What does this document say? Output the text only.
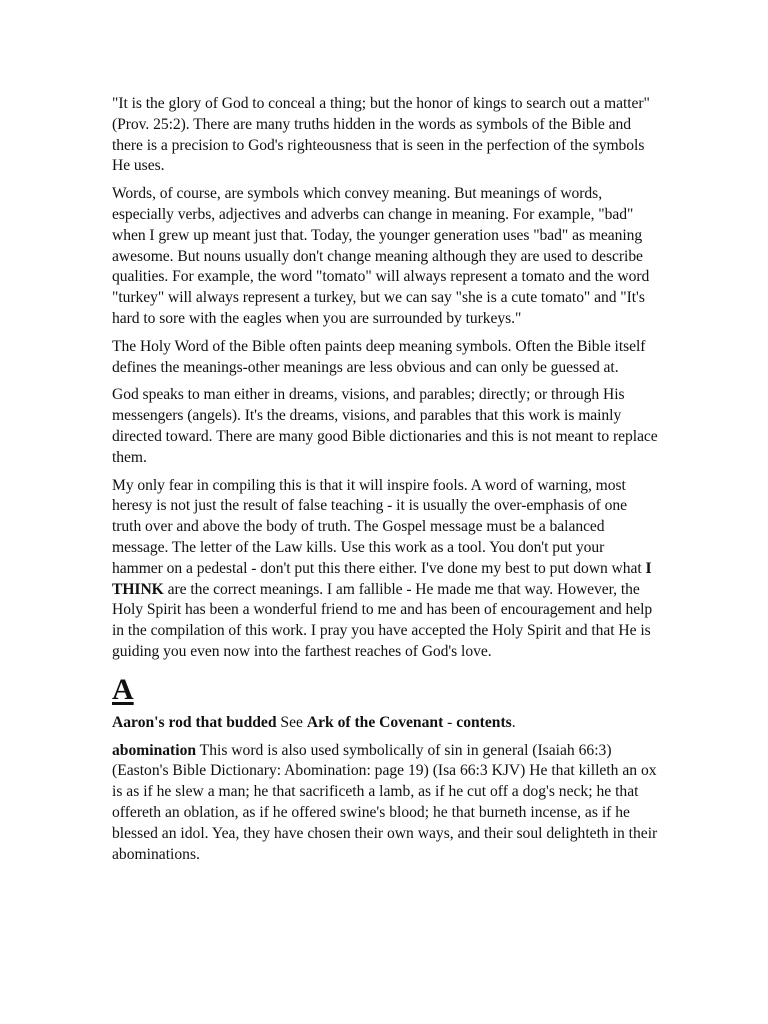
"It is the glory of God to conceal a thing; but the honor of kings to search out a matter" (Prov. 25:2). There are many truths hidden in the words as symbols of the Bible and there is a precision to God's righteousness that is seen in the perfection of the symbols He uses.

Words, of course, are symbols which convey meaning. But meanings of words, especially verbs, adjectives and adverbs can change in meaning. For example, "bad" when I grew up meant just that. Today, the younger generation uses "bad" as meaning awesome. But nouns usually don't change meaning although they are used to describe qualities. For example, the word "tomato" will always represent a tomato and the word "turkey" will always represent a turkey, but we can say "she is a cute tomato" and "It's hard to sore with the eagles when you are surrounded by turkeys."

The Holy Word of the Bible often paints deep meaning symbols. Often the Bible itself defines the meanings-other meanings are less obvious and can only be guessed at.

God speaks to man either in dreams, visions, and parables; directly; or through His messengers (angels). It's the dreams, visions, and parables that this work is mainly directed toward. There are many good Bible dictionaries and this is not meant to replace them.

My only fear in compiling this is that it will inspire fools. A word of warning, most heresy is not just the result of false teaching - it is usually the over-emphasis of one truth over and above the body of truth. The Gospel message must be a balanced message. The letter of the Law kills. Use this work as a tool. You don't put your hammer on a pedestal - don't put this there either. I've done my best to put down what I THINK are the correct meanings. I am fallible - He made me that way. However, the Holy Spirit has been a wonderful friend to me and has been of encouragement and help in the compilation of this work. I pray you have accepted the Holy Spirit and that He is guiding you even now into the farthest reaches of God's love.

A

Aaron's rod that budded See Ark of the Covenant - contents.

abomination This word is also used symbolically of sin in general (Isaiah 66:3) (Easton's Bible Dictionary: Abomination: page 19) (Isa 66:3 KJV) He that killeth an ox is as if he slew a man; he that sacrificeth a lamb, as if he cut off a dog's neck; he that offereth an oblation, as if he offered swine's blood; he that burneth incense, as if he blessed an idol. Yea, they have chosen their own ways, and their soul delighteth in their abominations.
